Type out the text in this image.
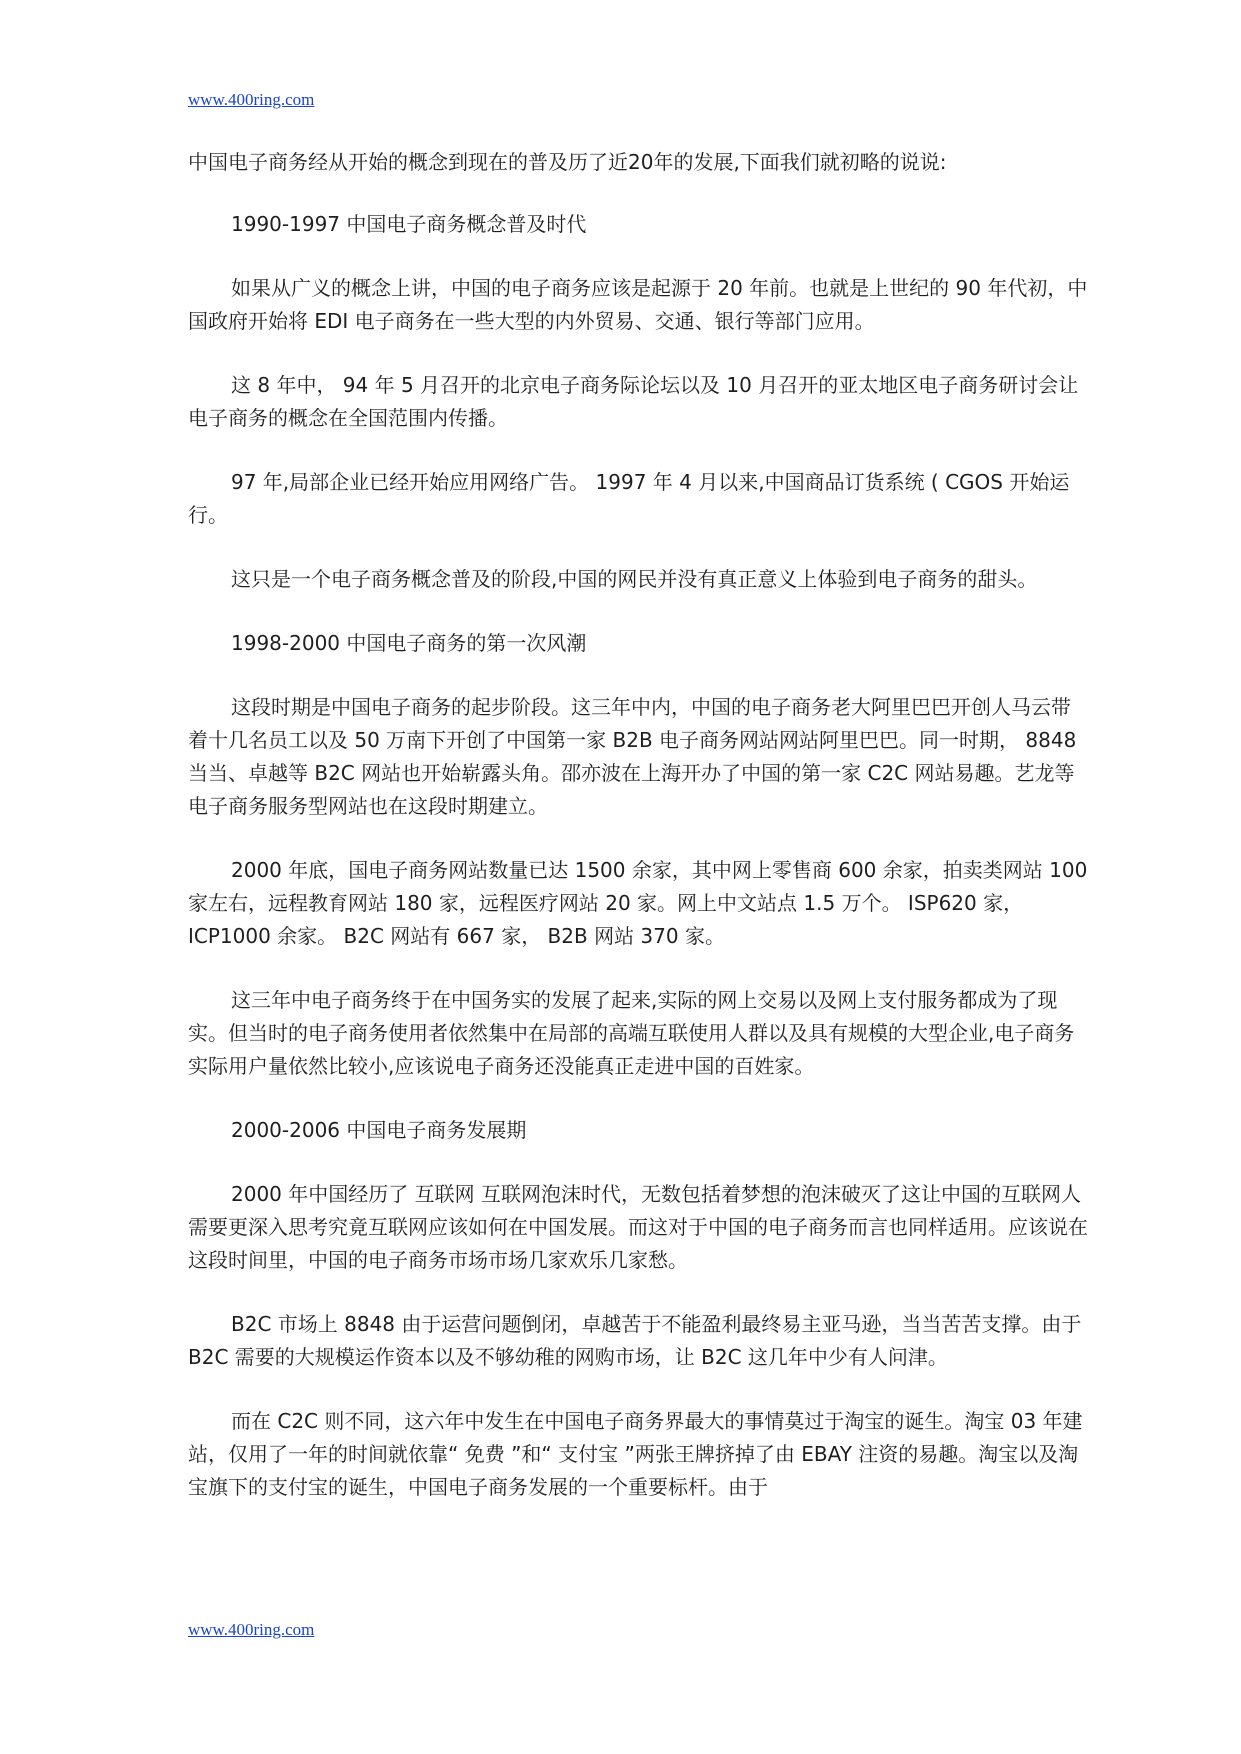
www.400ring.com

中国电子商务经从开始的概念到现在的普及历了近20年的发展,下面我们就初略的说说:

1990-1997 中国电子商务概念普及时代

如果从广义的概念上讲，中国的电子商务应该是起源于 20 年前。也就是上世纪的 90 年代初，中国政府开始将 EDI 电子商务在一些大型的内外贸易、交通、银行等部门应用。

这 8 年中， 94 年 5 月召开的北京电子商务际论坛以及 10 月召开的亚太地区电子商务研讨会让电子商务的概念在全国范围内传播。

97 年,局部企业已经开始应用网络广告。 1997 年 4 月以来,中国商品订货系统 ( CGOS 开始运行。

这只是一个电子商务概念普及的阶段,中国的网民并没有真正意义上体验到电子商务的甜头。

1998-2000 中国电子商务的第一次风潮

这段时期是中国电子商务的起步阶段。这三年中内，中国的电子商务老大阿里巴巴开创人马云带着十几名员工以及 50 万南下开创了中国第一家 B2B 电子商务网站网站阿里巴巴。同一时期， 8848 当当、卓越等 B2C 网站也开始崭露头角。邵亦波在上海开办了中国的第一家 C2C 网站易趣。艺龙等电子商务服务型网站也在这段时期建立。

2000 年底，国电子商务网站数量已达 1500 余家，其中网上零售商 600 余家，拍卖类网站 100 家左右，远程教育网站 180 家，远程医疗网站 20 家。网上中文站点 1.5 万个。 ISP620 家， ICP1000 余家。 B2C 网站有 667 家， B2B 网站 370 家。

这三年中电子商务终于在中国务实的发展了起来,实际的网上交易以及网上支付服务都成为了现实。但当时的电子商务使用者依然集中在局部的高端互联使用人群以及具有规模的大型企业,电子商务实际用户量依然比较小,应该说电子商务还没能真正走进中国的百姓家。

2000-2006 中国电子商务发展期

2000 年中国经历了 互联网 互联网泡沫时代，无数包括着梦想的泡沫破灭了这让中国的互联网人需要更深入思考究竟互联网应该如何在中国发展。而这对于中国的电子商务而言也同样适用。应该说在这段时间里，中国的电子商务市场市场几家欢乐几家愁。

B2C 市场上 8848 由于运营问题倒闭，卓越苦于不能盈利最终易主亚马逊，当当苦苦支撑。由于 B2C 需要的大规模运作资本以及不够幼稚的网购市场，让 B2C 这几年中少有人问津。

而在 C2C 则不同，这六年中发生在中国电子商务界最大的事情莫过于淘宝的诞生。淘宝 03 年建站，仅用了一年的时间就依靠“ 免费 ”和“ 支付宝 ”两张王牌挤掉了由 EBAY 注资的易趣。淘宝以及淘宝旗下的支付宝的诞生，中国电子商务发展的一个重要标杆。由于

www.400ring.com
